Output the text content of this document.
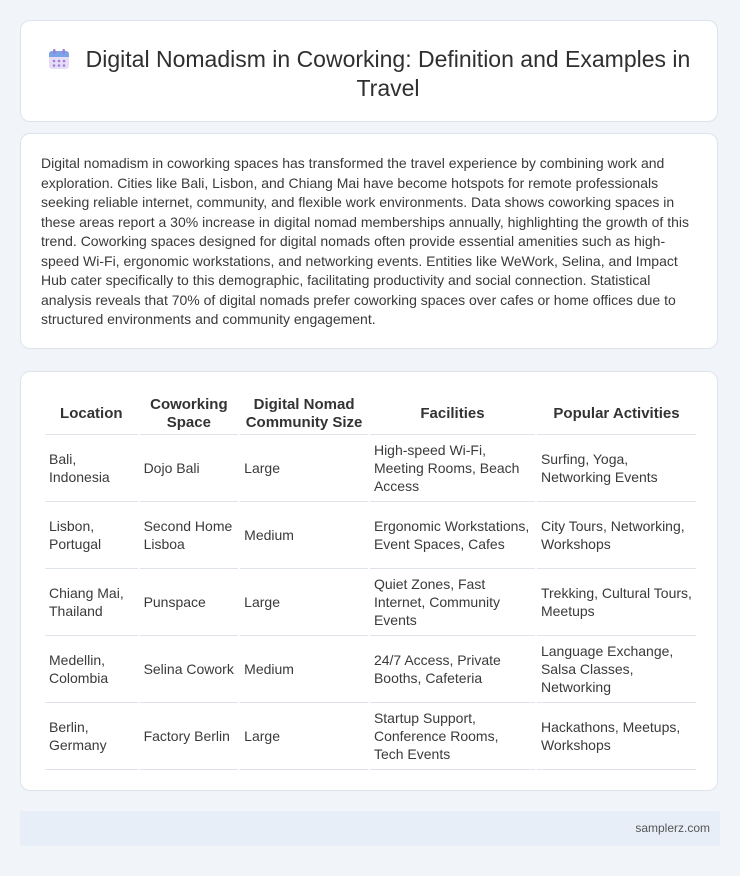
Digital Nomadism in Coworking: Definition and Examples in Travel
Digital nomadism in coworking spaces has transformed the travel experience by combining work and exploration. Cities like Bali, Lisbon, and Chiang Mai have become hotspots for remote professionals seeking reliable internet, community, and flexible work environments. Data shows coworking spaces in these areas report a 30% increase in digital nomad memberships annually, highlighting the growth of this trend. Coworking spaces designed for digital nomads often provide essential amenities such as high-speed Wi-Fi, ergonomic workstations, and networking events. Entities like WeWork, Selina, and Impact Hub cater specifically to this demographic, facilitating productivity and social connection. Statistical analysis reveals that 70% of digital nomads prefer coworking spaces over cafes or home offices due to structured environments and community engagement.
Location	Coworking Space	Digital Nomad Community Size	Facilities	Popular Activities
Bali, Indonesia	Dojo Bali	Large	High-speed Wi-Fi, Meeting Rooms, Beach Access	Surfing, Yoga, Networking Events
Lisbon, Portugal	Second Home Lisboa	Medium	Ergonomic Workstations, Event Spaces, Cafes	City Tours, Networking, Workshops
Chiang Mai, Thailand	Punspace	Large	Quiet Zones, Fast Internet, Community Events	Trekking, Cultural Tours, Meetups
Medellin, Colombia	Selina Cowork	Medium	24/7 Access, Private Booths, Cafeteria	Language Exchange, Salsa Classes, Networking
Berlin, Germany	Factory Berlin	Large	Startup Support, Conference Rooms, Tech Events	Hackathons, Meetups, Workshops
samplerz.com
